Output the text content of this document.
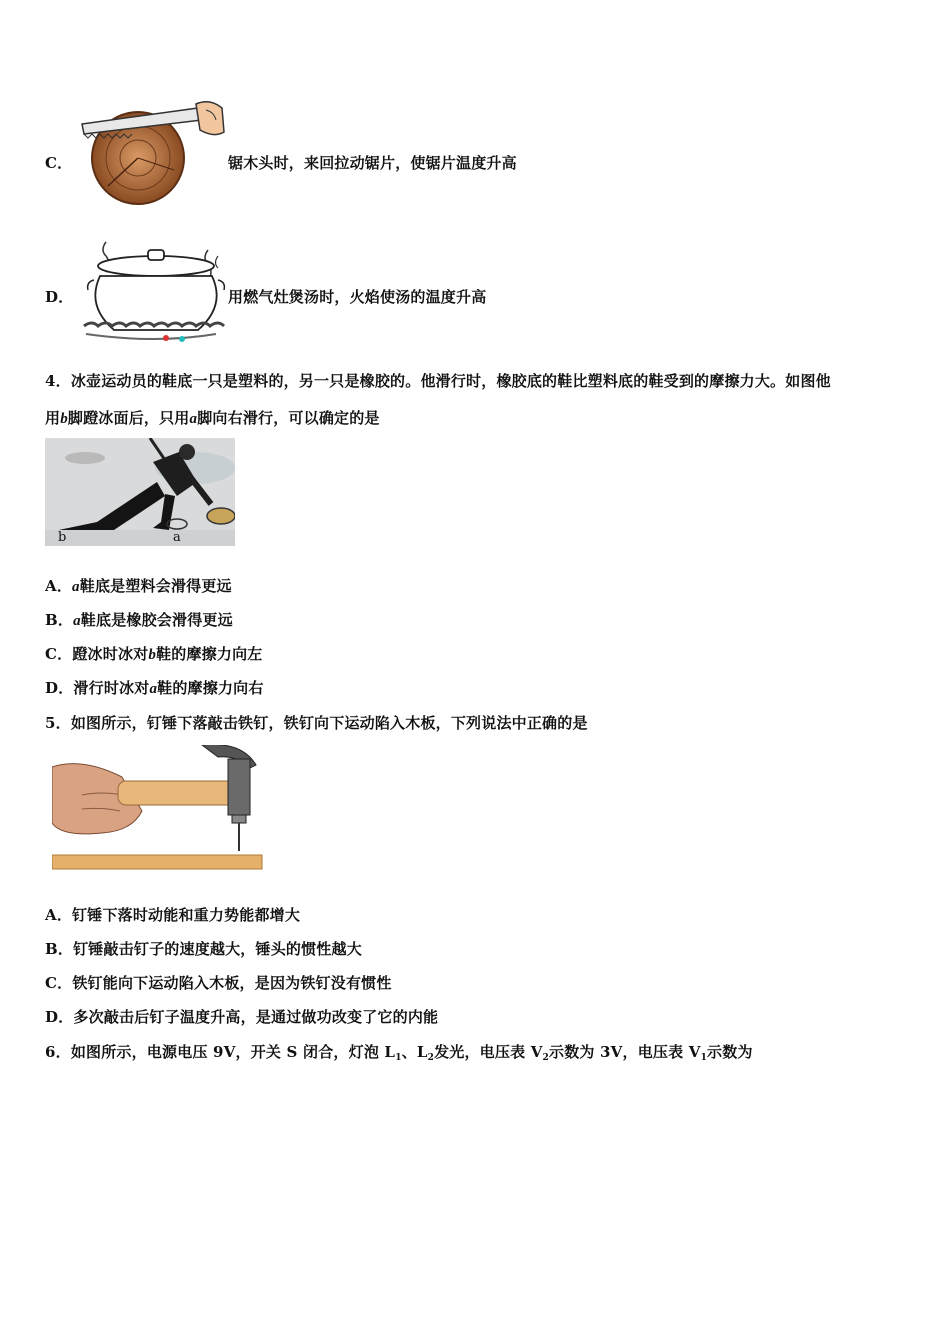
C．	锯木头时，来回拉动锯片，使锯片温度升高
D．	用燃气灶煲汤时，火焰使汤的温度升高
4．冰壶运动员的鞋底一只是塑料的，另一只是橡胶的。他滑行时，橡胶底的鞋比塑料底的鞋受到的摩擦力大。如图他
用b脚蹬冰面后，只用a脚向右滑行，可以确定的是
b	a
A．a鞋底是塑料会滑得更远
B．a鞋底是橡胶会滑得更远
C．蹬冰时冰对b鞋的摩擦力向左
D．滑行时冰对a鞋的摩擦力向右
5．如图所示，钉锤下落敲击铁钉，铁钉向下运动陷入木板，下列说法中正确的是
A．钉锤下落时动能和重力势能都增大
B．钉锤敲击钉子的速度越大，锤头的惯性越大
C．铁钉能向下运动陷入木板，是因为铁钉没有惯性
D．多次敲击后钉子温度升高，是通过做功改变了它的内能
6．如图所示，电源电压 9V，开关 S 闭合，灯泡 $L_1$、$L_2$发光，电压表 $V_2$示数为 3V，电压表 $V_1$示数为
